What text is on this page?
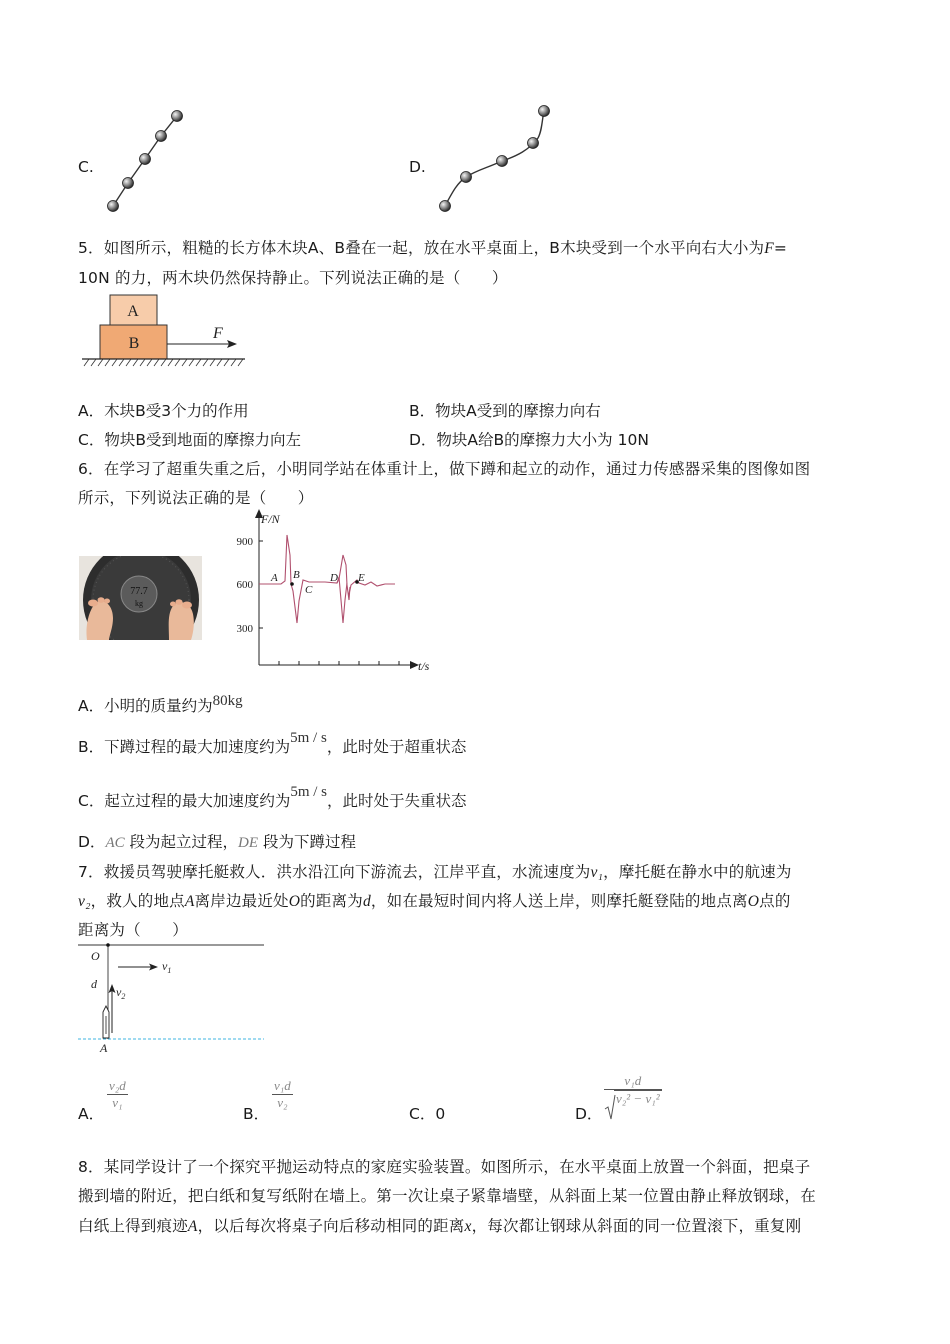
C.	D.
5．如图所示，粗糙的长方体木块A、B叠在一起，放在水平桌面上，B木块受到一个水平向右大小为F=
10N 的力，两木块仍然保持静止。下列说法正确的是（　　）
A
B
F
A．木块B受3个力的作用	B．物块A受到的摩擦力向右
C．物块B受到地面的摩擦力向左	D．物块A给B的摩擦力大小为 10N
6．在学习了超重失重之后，小明同学站在体重计上，做下蹲和起立的动作，通过力传感器采集的图像如图
所示，下列说法正确的是（　　）
77.7
kg
F/N
t/s
900
600
300
A B
C
D E
A．小明的质量约为80kg
B．下蹲过程的最大加速度约为5m / s，此时处于超重状态
C．起立过程的最大加速度约为5m / s，此时处于失重状态
D．AC 段为起立过程，DE 段为下蹲过程
7．救援员驾驶摩托艇救人．洪水沿江向下游流去，江岸平直，水流速度为v₁，摩托艇在静水中的航速为
v₂，救人的地点A离岸边最近处O的距离为d，如在最短时间内将人送上岸，则摩托艇登陆的地点离O点的
距离为（　　）
O
d
$v_1$
$v_2$
A
A．
$\frac{\text{v₂d}}{\text{v₁}}$
B．
$\frac{\text{v₁d}}{\text{v₂}}$
C．0	D．
$\frac{\text{v₁d}}{\text{v₂² − v₁²}}$
8．某同学设计了一个探究平抛运动特点的家庭实验装置。如图所示，在水平桌面上放置一个斜面，把桌子
搬到墙的附近，把白纸和复写纸附在墙上。第一次让桌子紧靠墙壁，从斜面上某一位置由静止释放钢球，在
白纸上得到痕迹A，以后每次将桌子向后移动相同的距离x，每次都让钢球从斜面的同一位置滚下，重复刚
